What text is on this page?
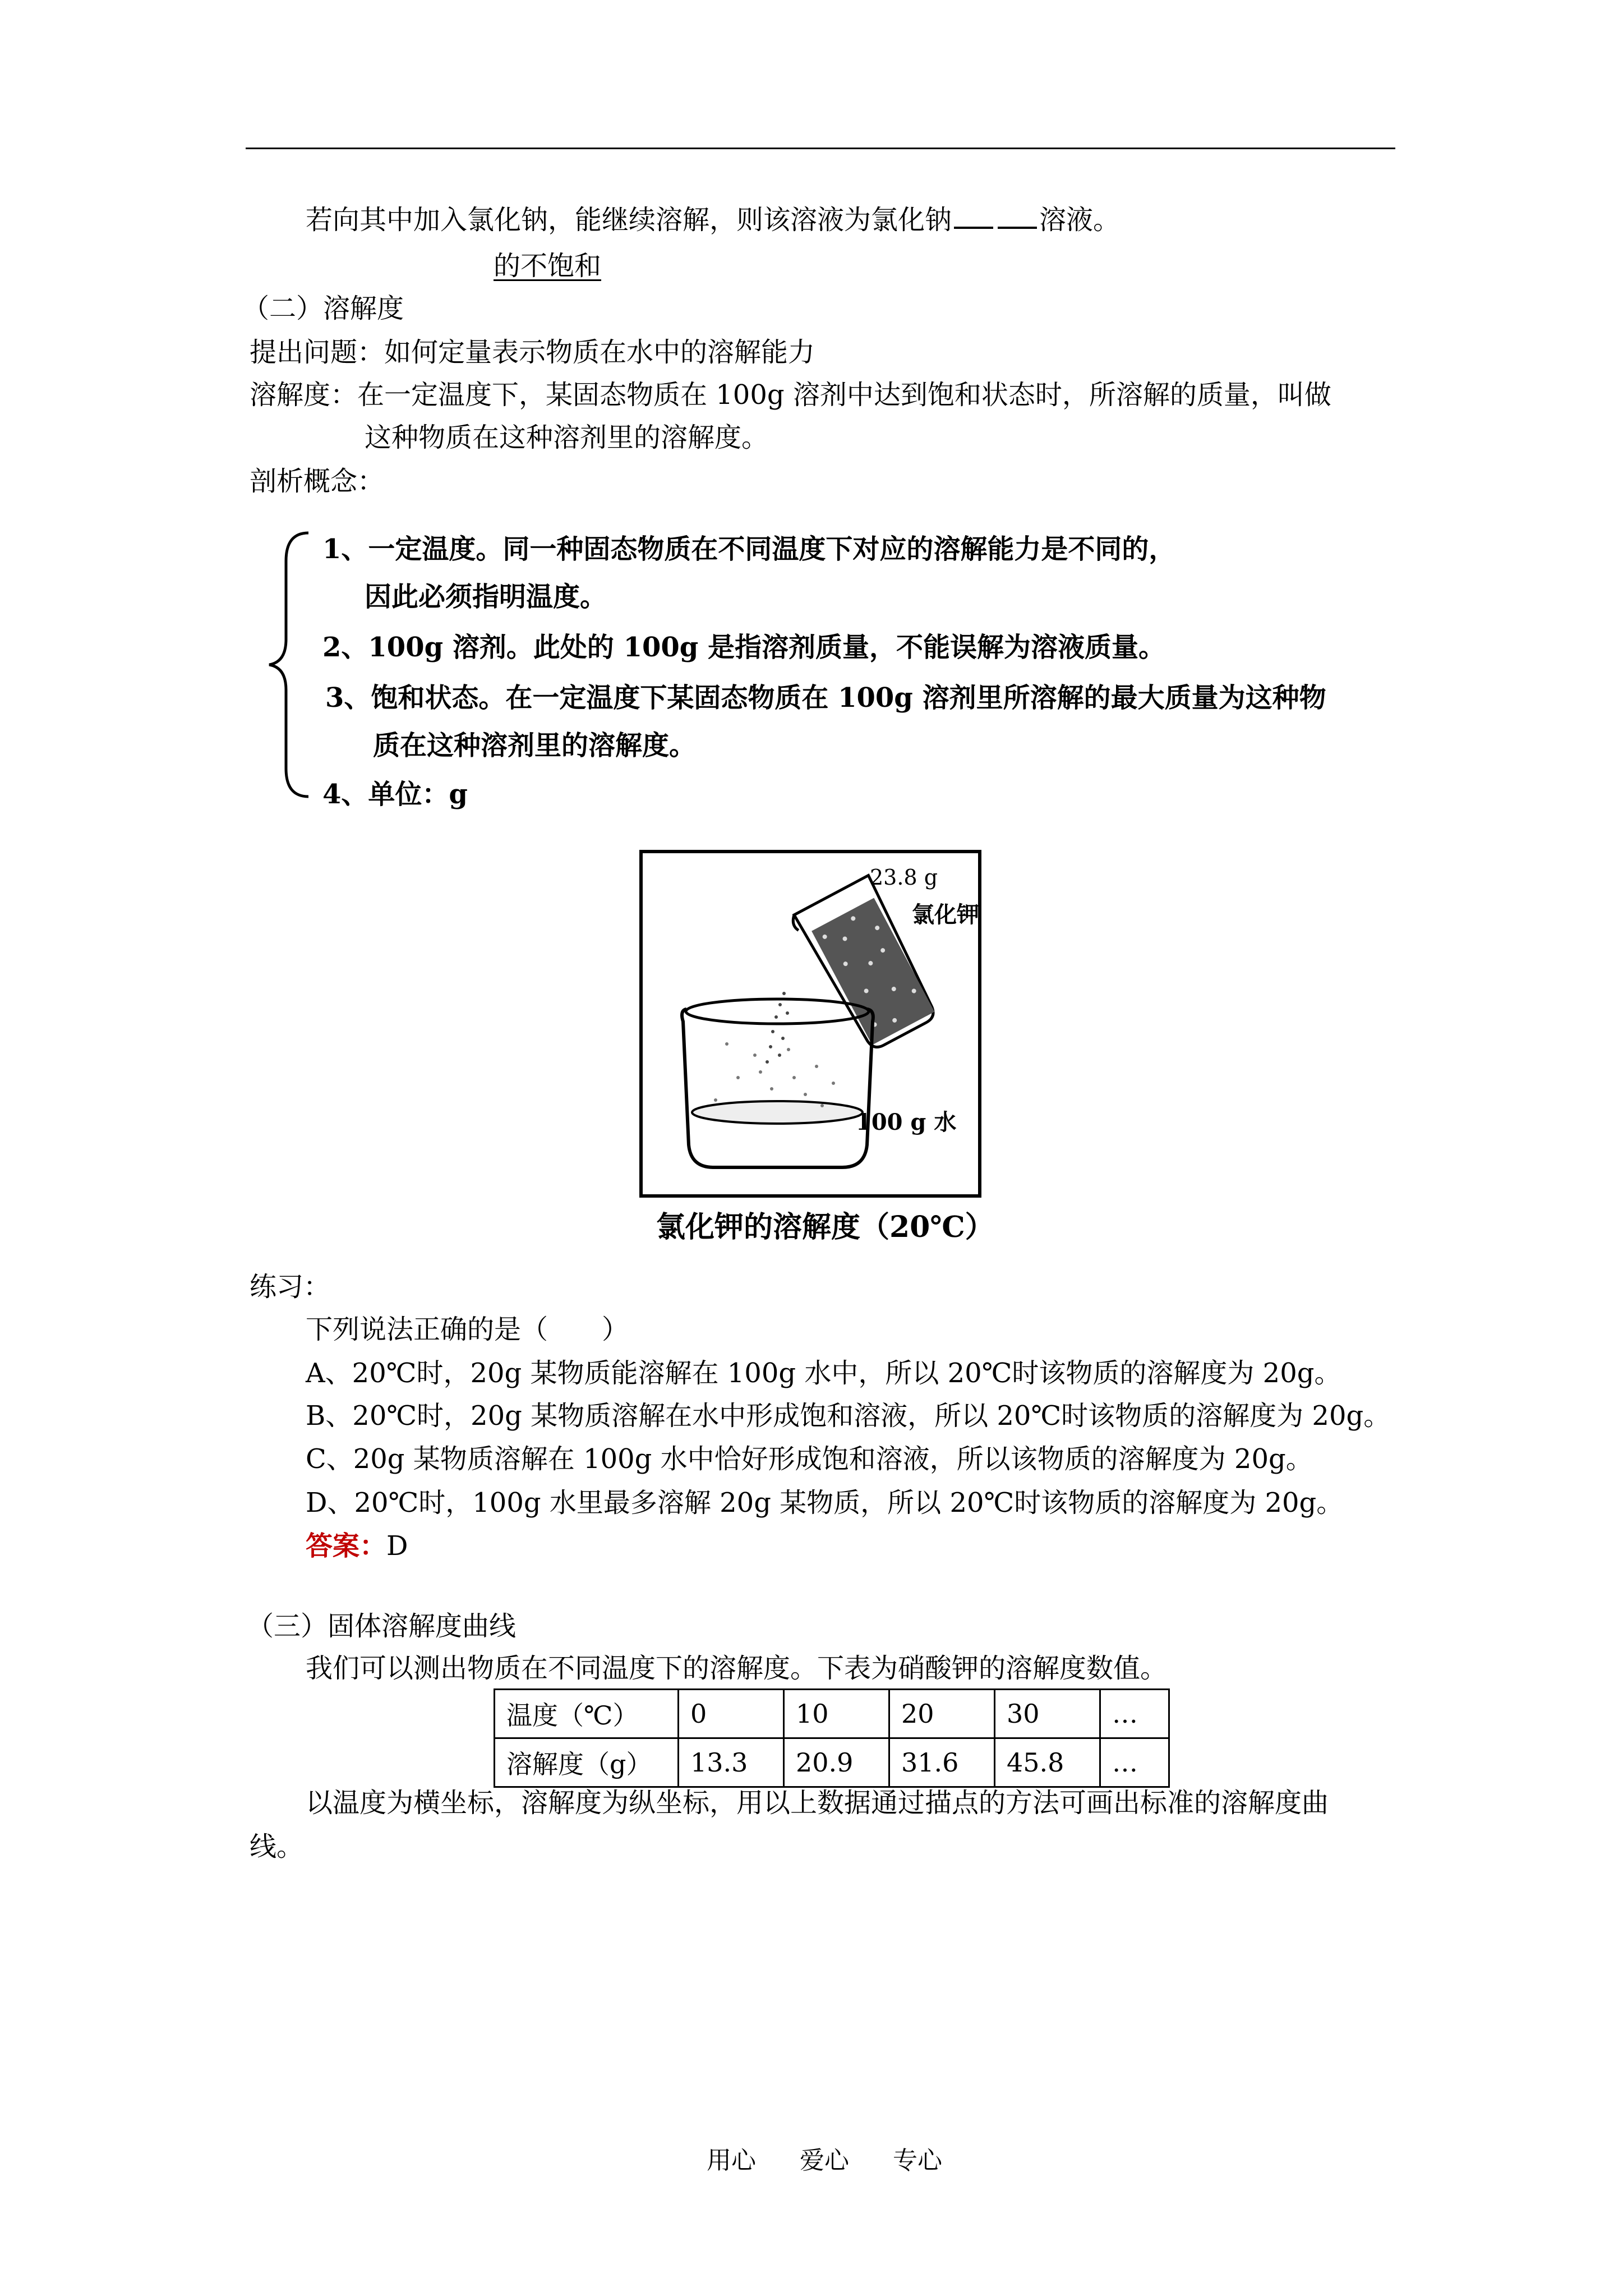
若向其中加入氯化钠，能继续溶解，则该溶液为氯化钠	溶液。
的不饱和
（二）溶解度
提出问题：如何定量表示物质在水中的溶解能力
溶解度：在一定温度下，某固态物质在 100g 溶剂中达到饱和状态时，所溶解的质量，叫做
这种物质在这种溶剂里的溶解度。
剖析概念：
1、一定温度。同一种固态物质在不同温度下对应的溶解能力是不同的，
因此必须指明温度。
2、100g 溶剂。此处的 100g 是指溶剂质量，不能误解为溶液质量。
3、饱和状态。在一定温度下某固态物质在 100g 溶剂里所溶解的最大质量为这种物
质在这种溶剂里的溶解度。
4、单位：g
23.8 g
氯化钾
100 g 水
氯化钾的溶解度（20℃）
练习：
下列说法正确的是（　　）
A、20℃时，20g 某物质能溶解在 100g 水中，所以 20℃时该物质的溶解度为 20g。
B、20℃时，20g 某物质溶解在水中形成饱和溶液，所以 20℃时该物质的溶解度为 20g。
C、20g 某物质溶解在 100g 水中恰好形成饱和溶液，所以该物质的溶解度为 20g。
D、20℃时，100g 水里最多溶解 20g 某物质，所以 20℃时该物质的溶解度为 20g。
答案：D
（三）固体溶解度曲线
我们可以测出物质在不同温度下的溶解度。下表为硝酸钾的溶解度数值。
温度（℃）	0	10	20	30	…
溶解度（g）	13.3	20.9	31.6	45.8	…
以温度为横坐标，溶解度为纵坐标，用以上数据通过描点的方法可画出标准的溶解度曲
线。
用心 爱心 专心
